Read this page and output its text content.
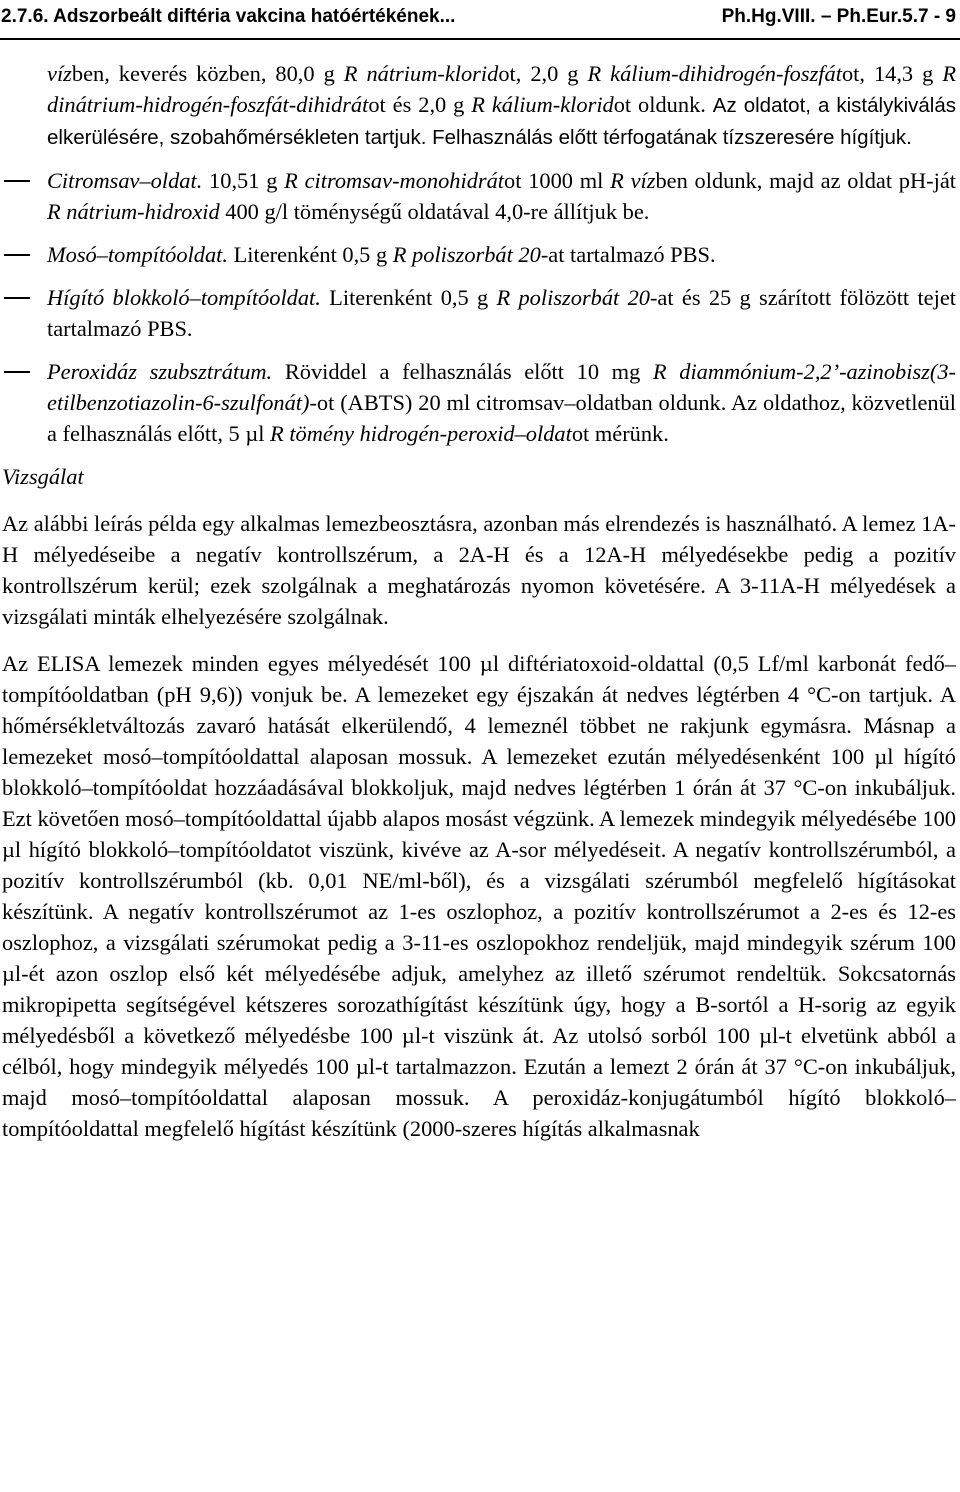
2.7.6. Adszorbeált diftéria vakcina hatóértékének...	Ph.Hg.VIII. – Ph.Eur.5.7 - 9

vízben, keverés közben, 80,0 g R nátrium-kloridot, 2,0 g R kálium-dihidrogén-foszfátot, 14,3 g R dinátrium-hidrogén-foszfát-dihidrátot és 2,0 g R kálium-kloridot oldunk. Az oldatot, a kistálykiválás elkerülésére, szobahőmérsékleten tartjuk. Felhasználás előtt térfogatának tízszeresére hígítjuk.

Citromsav–oldat. 10,51 g R citromsav-monohidrátot 1000 ml R vízben oldunk, majd az oldat pH-ját R nátrium-hidroxid 400 g/l töménységű oldatával 4,0-re állítjuk be.
Mosó–tompítóoldat. Literenként 0,5 g R poliszorbát 20-at tartalmazó PBS.
Hígító blokkoló–tompítóoldat. Literenként 0,5 g R poliszorbát 20-at és 25 g szárított fölözött tejet tartalmazó PBS.
Peroxidáz szubsztrátum. Röviddel a felhasználás előtt 10 mg R diammónium-2,2’-azinobisz(3-etilbenzotiazolin-6-szulfonát)-ot (ABTS) 20 ml citromsav–oldatban oldunk. Az oldathoz, közvetlenül a felhasználás előtt, 5 µl R tömény hidrogén-peroxid–oldatot mérünk.

Vizsgálat

Az alábbi leírás példa egy alkalmas lemezbeosztásra, azonban más elrendezés is használható. A lemez 1A-H mélyedéseibe a negatív kontrollszérum, a 2A-H és a 12A-H mélyedésekbe pedig a pozitív kontrollszérum kerül; ezek szolgálnak a meghatározás nyomon követésére. A 3-11A-H mélyedések a vizsgálati minták elhelyezésére szolgálnak.

Az ELISA lemezek minden egyes mélyedését 100 µl diftériatoxoid-oldattal (0,5 Lf/ml karbonát fedő–tompítóoldatban (pH 9,6)) vonjuk be. A lemezeket egy éjszakán át nedves légtérben 4 °C-on tartjuk. A hőmérsékletváltozás zavaró hatását elkerülendő, 4 lemeznél többet ne rakjunk egymásra. Másnap a lemezeket mosó–tompítóoldattal alaposan mossuk. A lemezeket ezután mélyedésenként 100 µl hígító blokkoló–tompítóoldat hozzáadásával blokkoljuk, majd nedves légtérben 1 órán át 37 °C-on inkubáljuk. Ezt követően mosó–tompítóoldattal újabb alapos mosást végzünk. A lemezek mindegyik mélyedésébe 100 µl hígító blokkoló–tompítóoldatot viszünk, kivéve az A-sor mélyedéseit. A negatív kontrollszérumból, a pozitív kontrollszérumból (kb. 0,01 NE/ml-ből), és a vizsgálati szérumból megfelelő hígításokat készítünk. A negatív kontrollszérumot az 1-es oszlophoz, a pozitív kontrollszérumot a 2-es és 12-es oszlophoz, a vizsgálati szérumokat pedig a 3-11-es oszlopokhoz rendeljük, majd mindegyik szérum 100 µl-ét azon oszlop első két mélyedésébe adjuk, amelyhez az illető szérumot rendeltük. Sokcsatornás mikropipetta segítségével kétszeres sorozathígítást készítünk úgy, hogy a B-sortól a H-sorig az egyik mélyedésből a következő mélyedésbe 100 µl-t viszünk át. Az utolsó sorból 100 µl-t elvetünk abból a célból, hogy mindegyik mélyedés 100 µl-t tartalmazzon. Ezután a lemezt 2 órán át 37 °C-on inkubáljuk, majd mosó–tompítóoldattal alaposan mossuk. A peroxidáz-konjugátumból hígító blokkoló–tompítóoldattal megfelelő hígítást készítünk (2000-szeres hígítás alkalmasnak
